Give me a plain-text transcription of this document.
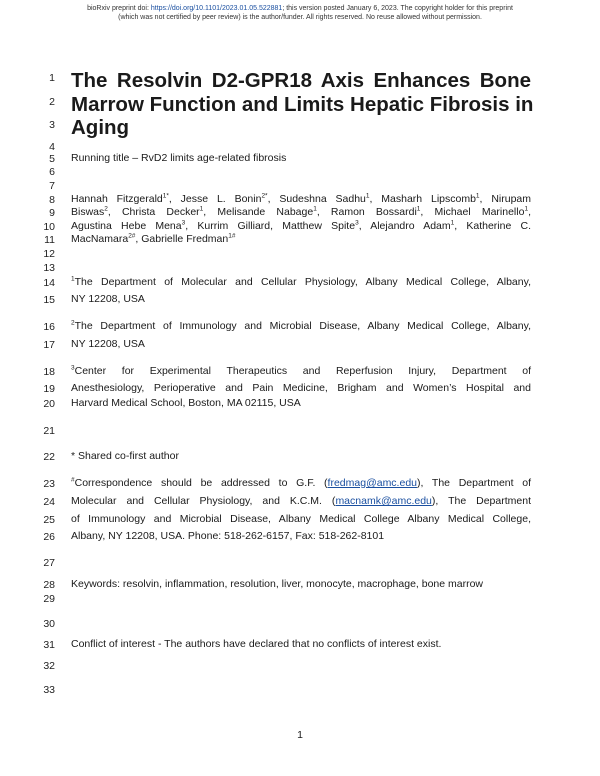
bioRxiv preprint doi: https://doi.org/10.1101/2023.01.05.522881; this version posted January 6, 2023. The copyright holder for this preprint
(which was not certified by peer review) is the author/funder. All rights reserved. No reuse allowed without permission.
1
2
3
4
5
6
7
8
9
10
11
12
13
14
15
16
17
18
19
20
21
22
23
24
25
26
27
28
29
30
31
32
33
The Resolvin D2-GPR18 Axis Enhances Bone
Marrow Function and Limits Hepatic Fibrosis in
Aging
Running title – RvD2 limits age-related fibrosis
Hannah Fitzgerald$^{1*}$, Jesse L. Bonin$^{2*}$, Sudeshna Sadhu$^1$, Masharh Lipscomb$^1$, Nirupam
Biswas$^2$, Christa Decker$^1$, Melisande Nabage$^1$, Ramon Bossardi$^1$, Michael Marinello$^1$,
Agustina Hebe Mena$^3$, Kurrim Gilliard, Matthew Spite$^3$, Alejandro Adam$^1$, Katherine C.
MacNamara$^{2\#}$, Gabrielle Fredman$^{1\#}$
$^1$The Department of Molecular and Cellular Physiology, Albany Medical College, Albany,
NY 12208, USA
$^2$The Department of Immunology and Microbial Disease, Albany Medical College, Albany,
NY 12208, USA
$^3$Center for Experimental Therapeutics and Reperfusion Injury, Department of
Anesthesiology, Perioperative and Pain Medicine, Brigham and Women’s Hospital and
Harvard Medical School, Boston, MA 02115, USA
* Shared co-first author
#Correspondence should be addressed to G.F. (fredmag@amc.edu), The Department of
Molecular and Cellular Physiology, and K.C.M. (macnamk@amc.edu), The Department
of Immunology and Microbial Disease, Albany Medical College Albany Medical College,
Albany, NY 12208, USA. Phone: 518-262-6157, Fax: 518-262-8101
Keywords: resolvin, inflammation, resolution, liver, monocyte, macrophage, bone marrow
Conflict of interest - The authors have declared that no conflicts of interest exist.
1
